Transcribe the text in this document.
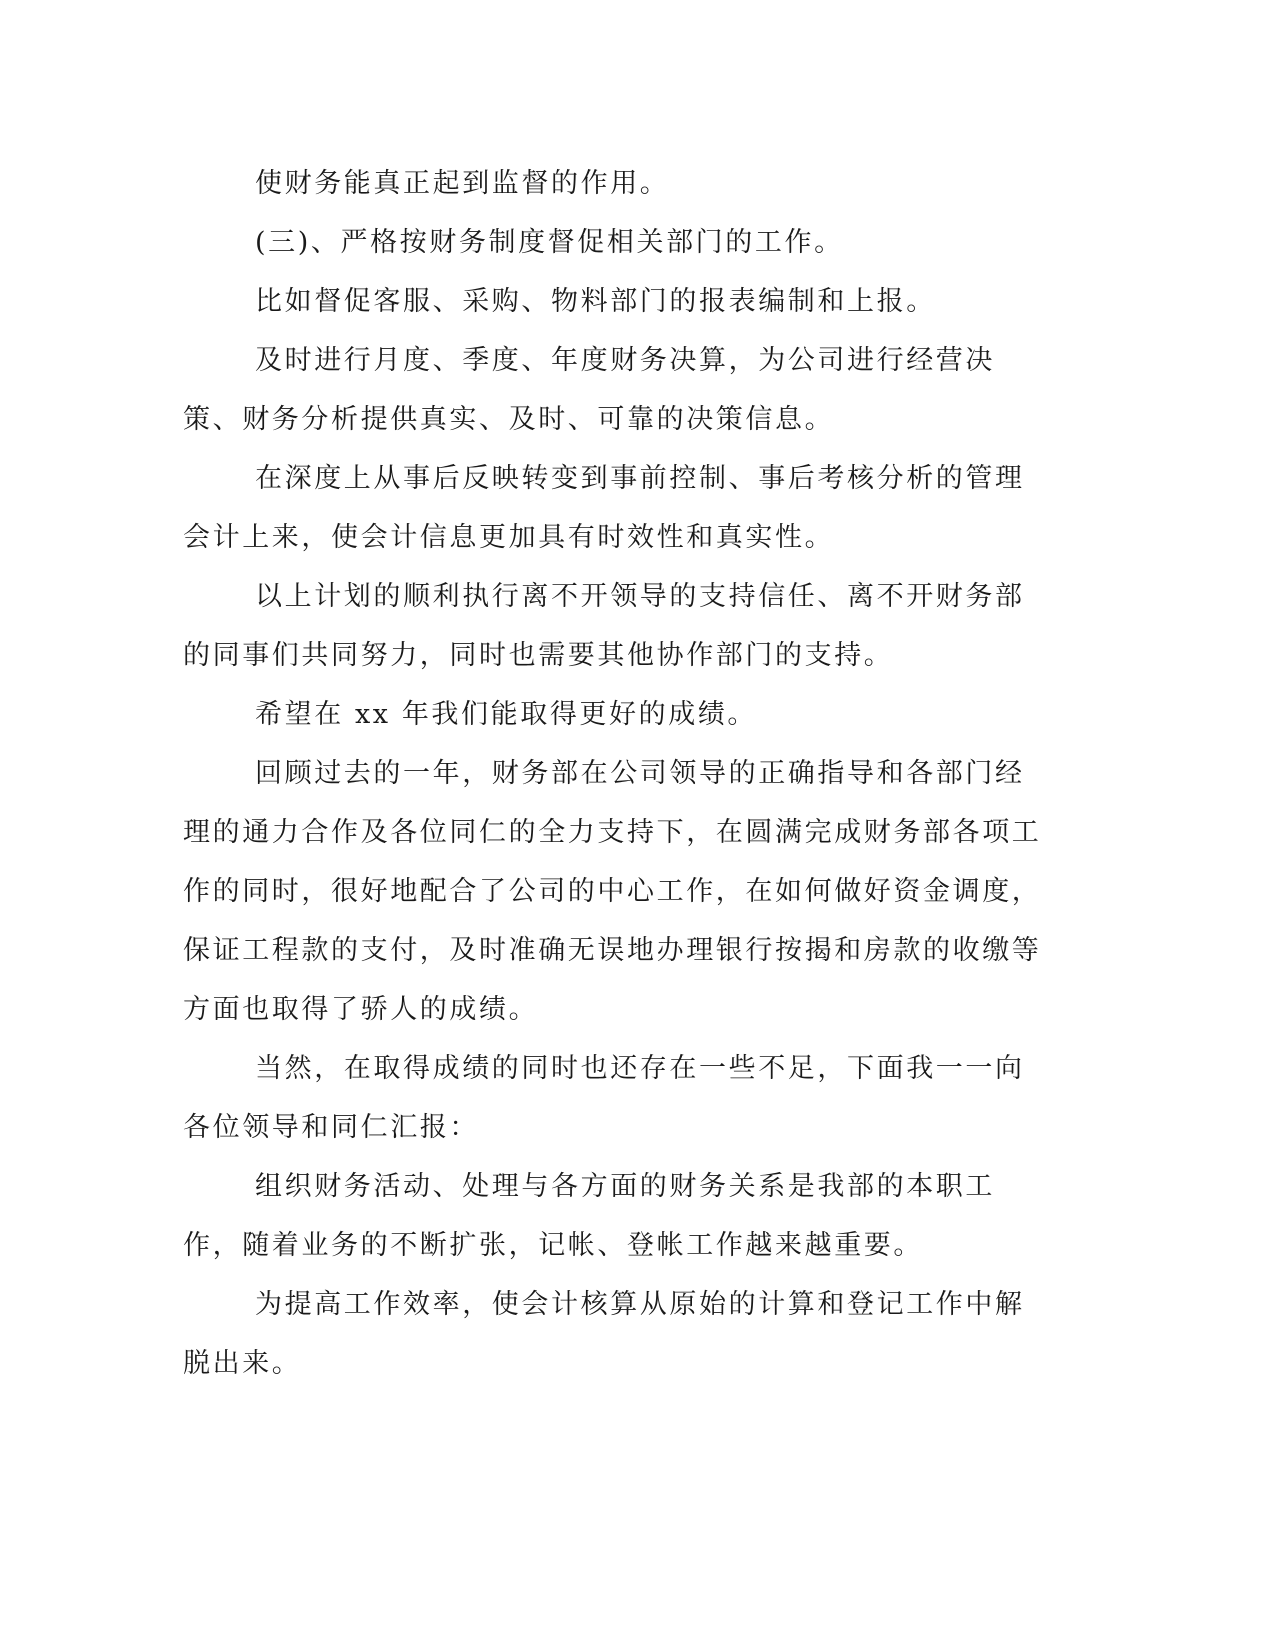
使财务能真正起到监督的作用。

(三)、严格按财务制度督促相关部门的工作。

比如督促客服、采购、物料部门的报表编制和上报。

及时进行月度、季度、年度财务决算，为公司进行经营决策、财务分析提供真实、及时、可靠的决策信息。

在深度上从事后反映转变到事前控制、事后考核分析的管理会计上来，使会计信息更加具有时效性和真实性。

以上计划的顺利执行离不开领导的支持信任、离不开财务部的同事们共同努力，同时也需要其他协作部门的支持。

希望在 xx 年我们能取得更好的成绩。

回顾过去的一年，财务部在公司领导的正确指导和各部门经理的通力合作及各位同仁的全力支持下，在圆满完成财务部各项工作的同时，很好地配合了公司的中心工作，在如何做好资金调度，保证工程款的支付，及时准确无误地办理银行按揭和房款的收缴等方面也取得了骄人的成绩。

当然，在取得成绩的同时也还存在一些不足，下面我一一向各位领导和同仁汇报：

组织财务活动、处理与各方面的财务关系是我部的本职工作，随着业务的不断扩张，记帐、登帐工作越来越重要。

为提高工作效率，使会计核算从原始的计算和登记工作中解脱出来。
